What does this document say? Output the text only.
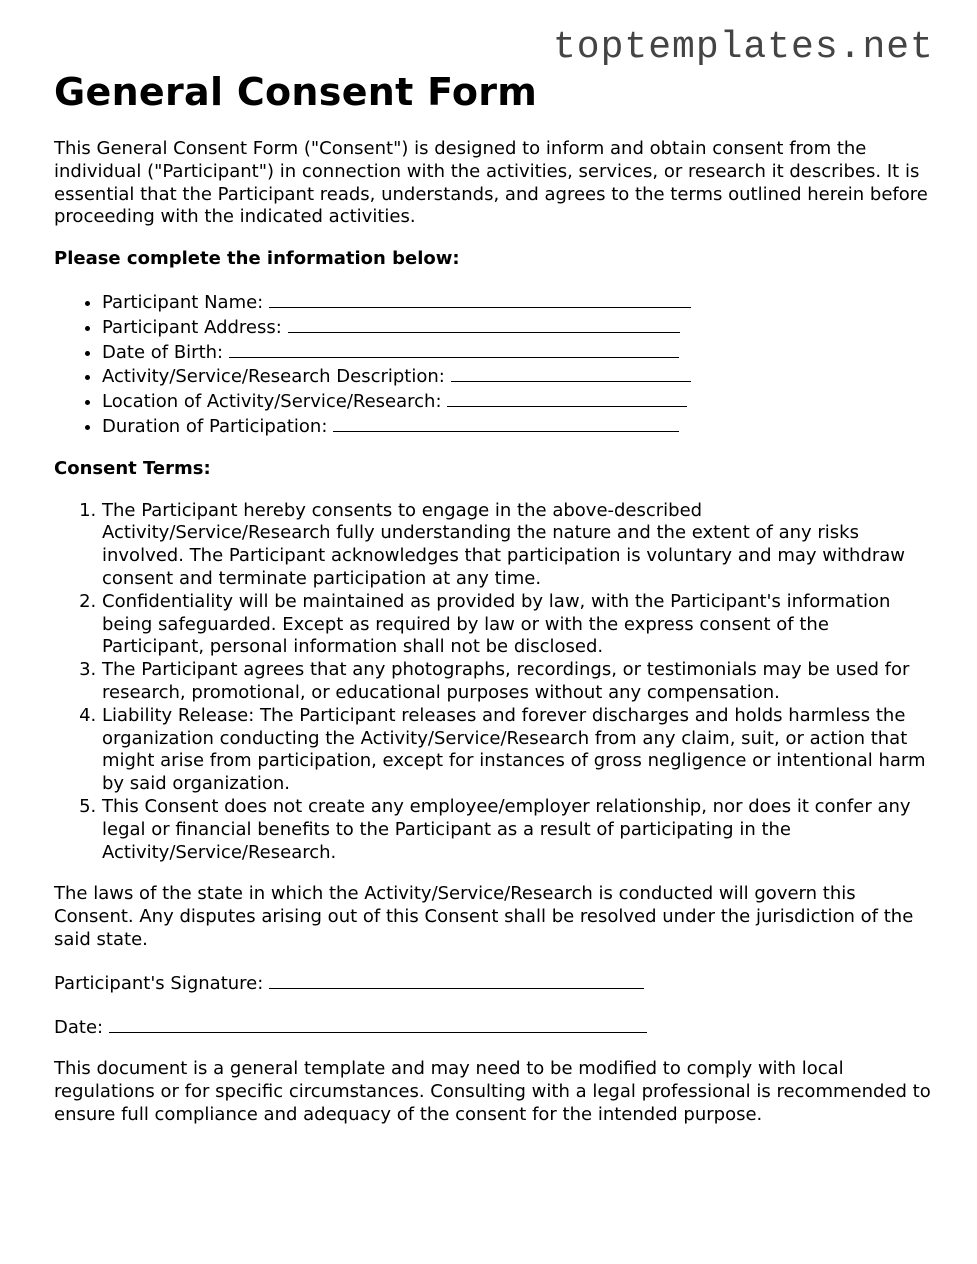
toptemplates.net
General Consent Form

This General Consent Form ("Consent") is designed to inform and obtain consent from the individual ("Participant") in connection with the activities, services, or research it describes. It is essential that the Participant reads, understands, and agrees to the terms outlined herein before proceeding with the indicated activities.

Please complete the information below:

• Participant Name:
• Participant Address:
• Date of Birth:
• Activity/Service/Research Description:
• Location of Activity/Service/Research:
• Duration of Participation:

Consent Terms:

1. The Participant hereby consents to engage in the above-described Activity/Service/Research fully understanding the nature and the extent of any risks involved. The Participant acknowledges that participation is voluntary and may withdraw consent and terminate participation at any time.
2. Confidentiality will be maintained as provided by law, with the Participant's information being safeguarded. Except as required by law or with the express consent of the Participant, personal information shall not be disclosed.
3. The Participant agrees that any photographs, recordings, or testimonials may be used for research, promotional, or educational purposes without any compensation.
4. Liability Release: The Participant releases and forever discharges and holds harmless the organization conducting the Activity/Service/Research from any claim, suit, or action that might arise from participation, except for instances of gross negligence or intentional harm by said organization.
5. This Consent does not create any employee/employer relationship, nor does it confer any legal or financial benefits to the Participant as a result of participating in the Activity/Service/Research.

The laws of the state in which the Activity/Service/Research is conducted will govern this Consent. Any disputes arising out of this Consent shall be resolved under the jurisdiction of the said state.

Participant's Signature:

Date:

This document is a general template and may need to be modified to comply with local regulations or for specific circumstances. Consulting with a legal professional is recommended to ensure full compliance and adequacy of the consent for the intended purpose.
